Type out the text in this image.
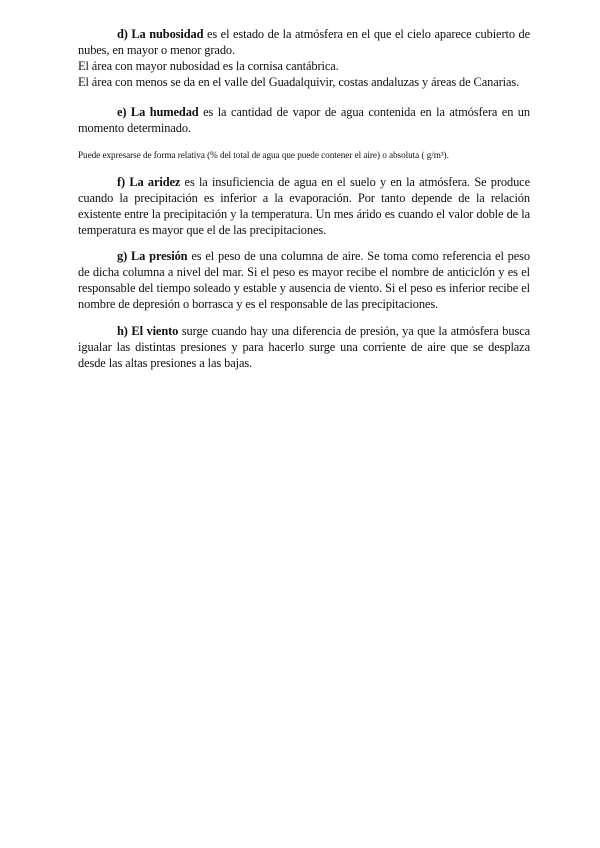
d) La nubosidad es el estado de la atmósfera en el que el cielo aparece cubierto de nubes, en mayor o menor grado.

El área con mayor nubosidad es la cornisa cantábrica.
El área con menos se da en el valle del Guadalquivir, costas andaluzas y áreas de Canarias.

e) La humedad es la cantidad de vapor de agua contenida en la atmósfera en un momento determinado.

Puede expresarse de forma relativa (% del total de agua que puede contener el aire) o absoluta ( g/m³).

f) La aridez es la insuficiencia de agua en el suelo y en la atmósfera. Se produce cuando la precipitación es inferior a la evaporación. Por tanto depende de la relación existente entre la precipitación y la temperatura. Un mes árido es cuando el valor doble de la temperatura es mayor que el de las precipitaciones.

g) La presión es el peso de una columna de aire. Se toma como referencia el peso de dicha columna a nivel del mar. Si el peso es mayor recibe el nombre de anticiclón y es el responsable del tiempo soleado y estable y ausencia de viento. Si el peso es inferior recibe el nombre de depresión o borrasca y es el responsable de las precipitaciones.

h) El viento surge cuando hay una diferencia de presión, ya que la atmósfera busca igualar las distintas presiones y para hacerlo surge una corriente de aire que se desplaza desde las altas presiones a las bajas.
